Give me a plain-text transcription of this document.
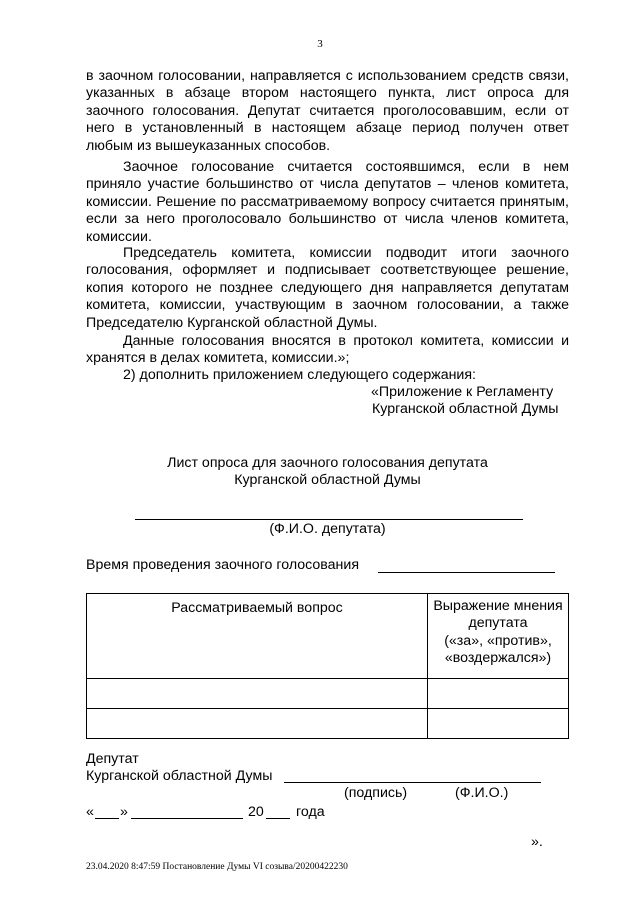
3

в заочном голосовании, направляется с использованием средств связи, указанных в абзаце втором настоящего пункта, лист опроса для заочного голосования. Депутат считается проголосовавшим, если от него в установленный в настоящем абзаце период получен ответ любым из вышеуказанных способов.

Заочное голосование считается состоявшимся, если в нем приняло участие большинство от числа депутатов – членов комитета, комиссии. Решение по рассматриваемому вопросу считается принятым, если за него проголосовало большинство от числа членов комитета, комиссии.

Председатель комитета, комиссии подводит итоги заочного голосования, оформляет и подписывает соответствующее решение, копия которого не позднее следующего дня направляется депутатам комитета, комиссии, участвующим в заочном голосовании, а также Председателю Курганской областной Думы.

Данные голосования вносятся в протокол комитета, комиссии и хранятся в делах комитета, комиссии.»;

2) дополнить приложением следующего содержания:
«Приложение к Регламенту
Курганской областной Думы
Лист опроса для заочного голосования депутата
Курганской областной Думы
(Ф.И.О. депутата)
Время проведения заочного голосования
Рассматриваемый вопрос	Выражение мнения
депутата
(«за», «против»,
«воздержался»)

Депутат
Курганской областной Думы
(подпись)	(Ф.И.О.)
« »	20 года
».
23.04.2020 8:47:59 Постановление Думы VI созыва/20200422230
